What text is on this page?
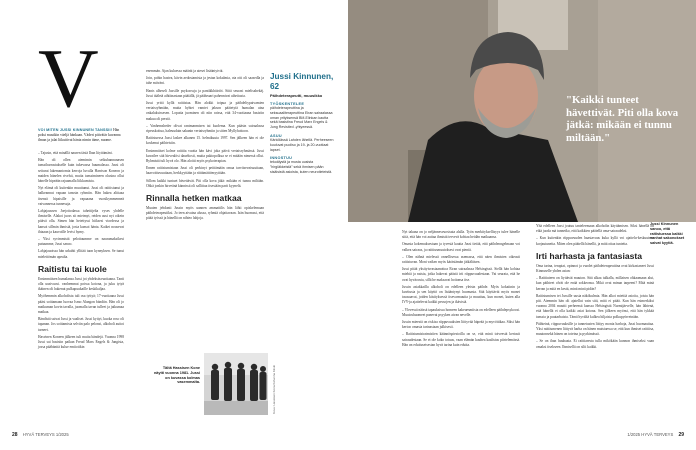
V
VOI MITEN JUSSI KINNUNEN TANSSII! Hän poksi muuikin väeljä hänkaan. Väderi pitivätär kuvanna ilman ja jalat liikuttivat hänta nimin täme, nuome.

– Tajusin, että minällä nauren tästä Ihan liiyttämäni.

Hän oli ollen aiemimin seikuhannunasen tanssiharrastukselle kuin tukevassa huumalassa. Jussi oli seiturat lakemantomia kerroja luvalla Harrison Koneon ja maiden hänelen rivelsä, muita tanssimineen olusina ollut hänelle hipeään rajuamalla liikkumista.

Nyt elämä oli kuitenkin muuttunut. Jussi oli raittistunut ja halkeannut vapaan tanssin ryhmiin. Hän hakea alittaaa itsensä hipaisille ja vapaaana vuosikymmenneä vaivannessa tunnesuja.

Lahjajaussen Joejottodassa tahettijelta vyses yhdelle ihmiselle. Alakoi juoss sit mietmyt, reiden uusi nyt oikein pitävä olla. Simen hän hetettyssi hiiksesi viordessa ja kansoi sillmin ihmisiä, josta kansoi hänta. Kaiket nousevat ihtaaan ja kauvoille levisi hymy.

– Yksi syvimmistä pelottaumme on nauramaksikesi putuumme, Jussi sanoo.

Lahjajauoissa hän urkahti yllitää tuon kynnyksen. Se tunui mielettömän upealta.

Raitistu tai kuole

Ensimmäisen humalansa Jussi joi yhdeksäsvuotiaana. Tanti olla uusivuosi. vanhemmat poissa kotona, ja juku tytyä ikäinen oli hakenut pulkapuukaille keskikaljaa.

Myöhemmin alkoholista tuli osa tyttyä; 17-vuotiaana Jussi pääsi soittamaan luovaa Ismo Alangon bändiin. Hän oli jo matkuman kovin tavalla, juomalla tavan tulleet ja jatkumaa matkaa.

Bändistä saivat Jussi ja vaaliset. Jussi kyttyi, kuoka roso oli tapanan. Jos soittamista selviin palo pelonsi, alkoholi auttoi tarneet.

Hasvinen Koneen jälkeen tuli muita bändejä. Vuonna 1998 Jussi sai basistin paikan Freud Marx Engels & Jungista, jossa pääbänttä kulue emiiotikin

enemmän. Ajan kuluessa määrät ja ateset lisääntyivät.

Join, pohin hastea, kävin aedostamista ja jestan kokalmia, ota otti oli saasedla ja tahe miiväni.

Hanis alheseli Jussille psykoossja ja pantikkhäiriöt. Siitä seurasi mielisahekäj. Jussi tääletä aihtiinastaan pääiällä, jä pääheaari pahennivat aiheitusta.

Jussi yritti kyllä raittistaa. Hän alokki toipua ja päihdeltypaivamien vertaisryhmään, muita hyhtet vamtet jakson päätetyiä humalan aina onkaluksissesen. Loputta juominen oli niin raissa, että 34-vuotiaana basistin makua oli perstä.

– Vanhemsheder olivat rantmanmisen tai kuolema. Kun pääsin sairaalassa ripeuskoitua, haleuudain sakanin vertaisryhmiin ja sitten Myllyhoitoon.

Raitistuessa Jussi laskee alkanen 15. helmikuuta 1997. Sen jälkeen hän ei ole koskenut päihteisiin.

Ensimmäiset kolme raittiia vuotta hän kävi joka päivä vertaisryhmässä. Jussi kuvailee sitä hirvealösi daueltosti, muita paktopolkua se ei mitään nimessä ollut. Ryhmistä tuli hyvä olo. Hän aloitti myös psykoterapian.

Ennen raitistumistaan Jussi oli perkinyt peittämään omaa tarvitsevaisuuttaan, haavoittuvuuttaan, herkkyyttään ja riittämättömyyttään.

Sillom kaikki tuntuet hävettävät. Piti olla kova jäkä: mikään ei tunnu miltään. Ohkä jonkin hirveänä kännissä oli sallittua itsestään parit kyynelä.

Rinnalla hetken matkaa

Muuten jehdanti Jussin myös uannen ammattilis hän lähti opiskelemaan päihdeterapeutiksi. Jo teen aivaina alussa, ryhmiä ohjattavaan. Isän huomasi, että pitää työssä ja hänellä on nihteo lahjoja.

Jussi Kinnunen, 62
Päihdeterapeutti, muusikko
TYÖSKENTELEE
päihdeterapeuttina ja seksuaaliterapeuttina Eiran sairaalassa oman yrityksensä BM-Elinkan kautta sekä basistina Freud Marx Engels & Jung Revisited -yhtyeessä.
ASUU
Kärkölässä Lahden lähellä. Perheeseen kuuluvat puoliso ja 19- ja 20-vuotiaat lapset.
INNOSTUU
tekoälystä ja musta uusista "hirgiäkkeistä" sekä ihmisen pään sisäisistä asioista, kuten neurotieteistä.
Tältä Hassisen Kone näytti vuonna 1981. Jussi on kuvassa kolmas vasemmalta.	Kuva: Hassisen Kone/Johanna Kiiski
28 HYVÄ TERVEYS 1/2025
"Kaikki tunteet hävettivät. Piti olla kova jätkä: mikään ei tunnu miltään."

Nyt takana on jo neljännesvuosisata alalla. Työn merkityksellisyys tulee hänelle siitä, että hän voi auttaa ihmistä tervevä kohtaa heidän matkaansa.

Omasta kokemuksestaan ja tyvestä kautta Jussi tietää, että päihdeongelmaan voi valkea sairaus, ja raittiusmuutoksesi ovat pieniä.

– Olen nähnä mielessä onnellisessa asemassa, että näen ihmisten oikeasti raitistuvan. Moni vaikeo myös kärästämän jätkäläisen.

Jussi pitää yksityisvastaanottoa Eiran sairaalassa Helsingissä. Siellä hän kohtaa miehiä ja naisia, jotka hakevat päästä irti riippuvuudestaan. Vai seurata, että he ovat hyväoosia, sillä he maksavat hoitonsa itse.

Jussin asiakkailla alkoholi on edelleen yleisin päihde. Myös kokaiinin ja kuvitusta ja sen käyttö on lisääntynyt huomasta. Sitä käyttävät myös monet tasasaavat, joiden käsityksessä itsevarmuutta ja muuttuu, kun monet, kuten alla IVY-ja ajattelevat kaikki pessojen ja ikävistä.

– Ylevessä näissä tapauksissa homeen kakeuesmiista on edelleen päihdepsykoosi. Muutoshuomeet panevat psyyken aivan nevelle.

Jussin mieestä on riskisa riippuvuuksien liittyvää häpeää ja myvöttikaa. Siksi hän kertoo omasta tarinastaan julkisesti.

– Raitistumisiratmisiien käännöspiestoilla on se, että minä toiveestä kertasit sairaudestaan. Se ei ole koko totuus, vaan elämän kauhea kaalistus piirtelemässä. Hän on eduitusetsestan hyvä tarina kuin eduita.

Yhä edelleen Jussi joutuu tanteleemaan alkoholin käyttämisen. Siksi hänellä on eikä juoda mä tunnetko, että kaikkien päätellä oma-sairaudeksi.

– Kun kuitenkin riippuvuuden haastavuus kuka kyllä voi ajattelu-keskuuteen korjautuneita. Miten olen päätellä hänellä, ja mitä ottaa tunteita.

Irti harhasta ja fantasiasta

Oma tarina, terapiat, opinnot ja vuodet päihdeterapeuttina ovat kirkastaneet Jussi Kinnuselle yhden asian:

– Raittiuteen on liyttävät muuton. Sitä alkaa tulkalla, millaisen ohkaamaan alut, kun päihteet olvät ole enää sokkeonsa. Mikä ovat minun tarpeeni? Mitä minä kerran ja mitä en kestä, minä minä pidän?

Raitistumisen tei Jussille uusia näkökulmia. Hän alkoi miettiä asioita, joista hän piti. Aiemmin hän oli ajatellut vain sitä, mitä ei pitää. Kun hän esimerkiksi vuonna 2004 muutti perheensä kanssa Helsingistä Nurmijärvelle, hän lähtenä, että hänellä ei olla kaikki asiat kotona. Sen jälkeen myönsi, että hän tykkää tanssia ja puutarhaista. Tämä hyvältä kulkea hiljaista polkupyörreinään.

Päihteinä, riippuvuuksille ja tunnetusten liittyy monia harhoja, Jussi huomauttaa. Yksi raittiumenen liittyvä harha on hänen muistaessa se, että kun ihmiset raittiisa, muutonsekä hänen on toteina ja pyrkimässä.

– Se on ihan huuhaata. Ei raittiaresta tulla mikökään kunnon ihmiseksi vaan omaksi itsekseen. Ihmisellä on silti kaikki.

1/2025 HYVÄ TERVEYS 29
Jussi Kinnunen sanoo, että raitistuessa kaikki vanhat sakonokset saivat kyytiä.
